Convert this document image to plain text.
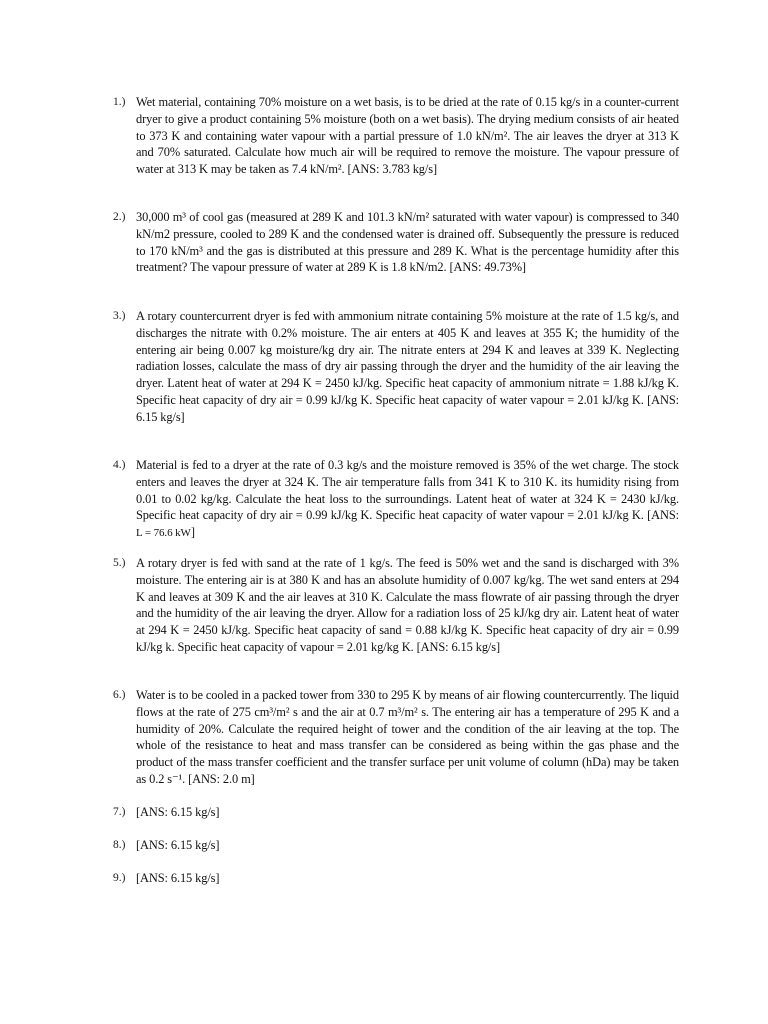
1.) Wet material, containing 70% moisture on a wet basis, is to be dried at the rate of 0.15 kg/s in a counter-current dryer to give a product containing 5% moisture (both on a wet basis). The drying medium consists of air heated to 373 K and containing water vapour with a partial pressure of 1.0 kN/m². The air leaves the dryer at 313 K and 70% saturated. Calculate how much air will be required to remove the moisture. The vapour pressure of water at 313 K may be taken as 7.4 kN/m². [ANS: 3.783 kg/s]
2.) 30,000 m³ of cool gas (measured at 289 K and 101.3 kN/m² saturated with water vapour) is compressed to 340 kN/m2 pressure, cooled to 289 K and the condensed water is drained off. Subsequently the pressure is reduced to 170 kN/m³ and the gas is distributed at this pressure and 289 K. What is the percentage humidity after this treatment? The vapour pressure of water at 289 K is 1.8 kN/m2. [ANS: 49.73%]
3.) A rotary countercurrent dryer is fed with ammonium nitrate containing 5% moisture at the rate of 1.5 kg/s, and discharges the nitrate with 0.2% moisture. The air enters at 405 K and leaves at 355 K; the humidity of the entering air being 0.007 kg moisture/kg dry air. The nitrate enters at 294 K and leaves at 339 K. Neglecting radiation losses, calculate the mass of dry air passing through the dryer and the humidity of the air leaving the dryer. Latent heat of water at 294 K = 2450 kJ/kg. Specific heat capacity of ammonium nitrate = 1.88 kJ/kg K. Specific heat capacity of dry air = 0.99 kJ/kg K. Specific heat capacity of water vapour = 2.01 kJ/kg K. [ANS: 6.15 kg/s]
4.) Material is fed to a dryer at the rate of 0.3 kg/s and the moisture removed is 35% of the wet charge. The stock enters and leaves the dryer at 324 K. The air temperature falls from 341 K to 310 K. its humidity rising from 0.01 to 0.02 kg/kg. Calculate the heat loss to the surroundings. Latent heat of water at 324 K = 2430 kJ/kg. Specific heat capacity of dry air = 0.99 kJ/kg K. Specific heat capacity of water vapour = 2.01 kJ/kg K. [ANS: L = 76.6 kW]
5.) A rotary dryer is fed with sand at the rate of 1 kg/s. The feed is 50% wet and the sand is discharged with 3% moisture. The entering air is at 380 K and has an absolute humidity of 0.007 kg/kg. The wet sand enters at 294 K and leaves at 309 K and the air leaves at 310 K. Calculate the mass flowrate of air passing through the dryer and the humidity of the air leaving the dryer. Allow for a radiation loss of 25 kJ/kg dry air. Latent heat of water at 294 K = 2450 kJ/kg. Specific heat capacity of sand = 0.88 kJ/kg K. Specific heat capacity of dry air = 0.99 kJ/kg k. Specific heat capacity of vapour = 2.01 kg/kg K. [ANS: 6.15 kg/s]
6.) Water is to be cooled in a packed tower from 330 to 295 K by means of air flowing countercurrently. The liquid flows at the rate of 275 cm³/m² s and the air at 0.7 m³/m² s. The entering air has a temperature of 295 K and a humidity of 20%. Calculate the required height of tower and the condition of the air leaving at the top. The whole of the resistance to heat and mass transfer can be considered as being within the gas phase and the product of the mass transfer coefficient and the transfer surface per unit volume of column (hDa) may be taken as 0.2 s⁻¹. [ANS: 2.0 m]
7.) [ANS: 6.15 kg/s]
8.) [ANS: 6.15 kg/s]
9.) [ANS: 6.15 kg/s]
